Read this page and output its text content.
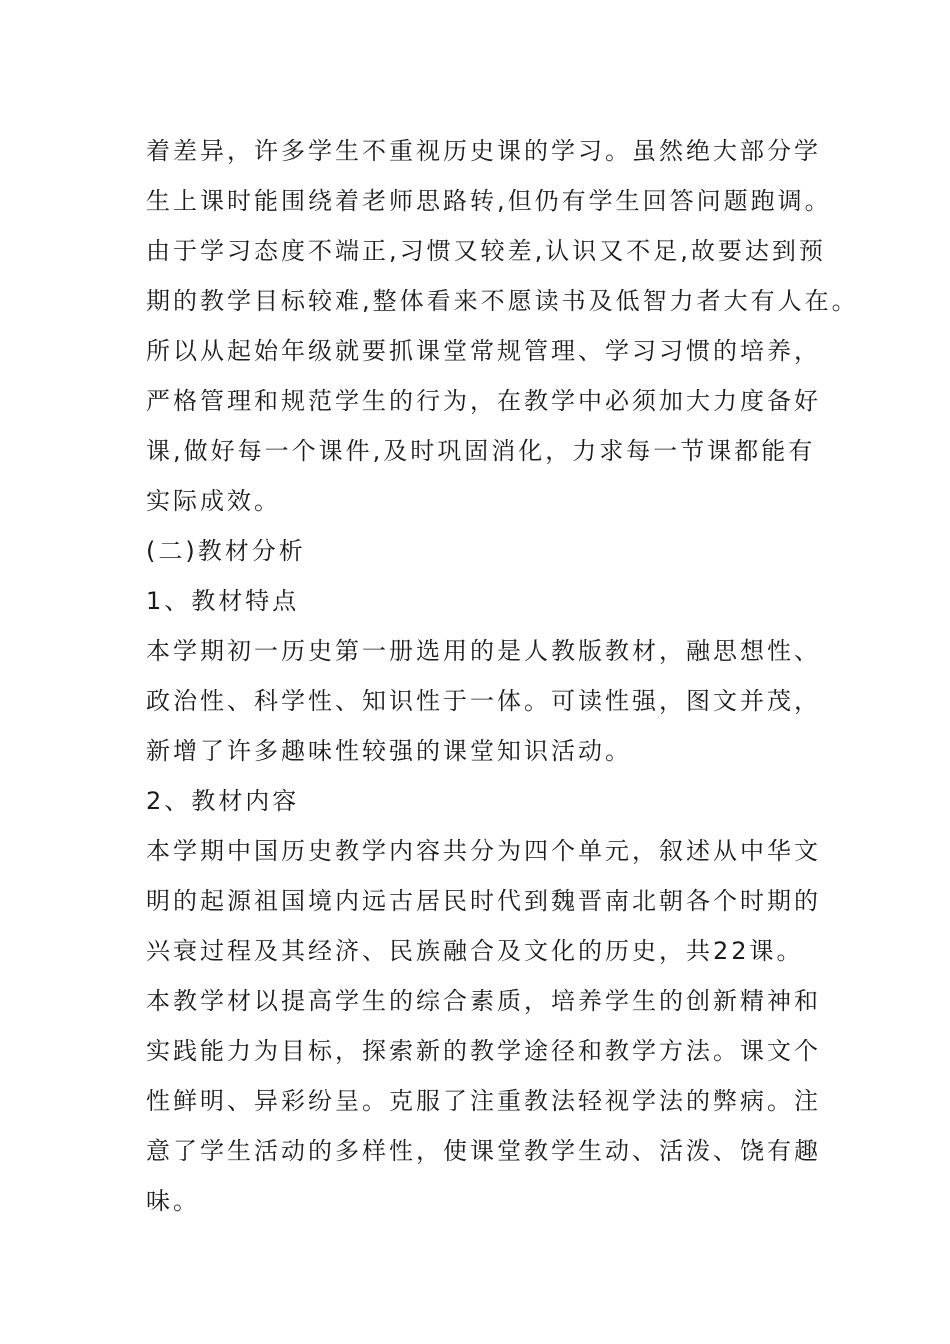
着差异，许多学生不重视历史课的学习。虽然绝大部分学
生上课时能围绕着老师思路转,但仍有学生回答问题跑调。
由于学习态度不端正,习惯又较差,认识又不足,故要达到预
期的教学目标较难,整体看来不愿读书及低智力者大有人在。
所以从起始年级就要抓课堂常规管理、学习习惯的培养，
严格管理和规范学生的行为，在教学中必须加大力度备好
课,做好每一个课件,及时巩固消化，力求每一节课都能有
实际成效。
(二)教材分析
1、教材特点
本学期初一历史第一册选用的是人教版教材，融思想性、
政治性、科学性、知识性于一体。可读性强，图文并茂，
新增了许多趣味性较强的课堂知识活动。
2、教材内容
本学期中国历史教学内容共分为四个单元，叙述从中华文
明的起源祖国境内远古居民时代到魏晋南北朝各个时期的
兴衰过程及其经济、民族融合及文化的历史，共22课。
本教学材以提高学生的综合素质，培养学生的创新精神和
实践能力为目标，探索新的教学途径和教学方法。课文个
性鲜明、异彩纷呈。克服了注重教法轻视学法的弊病。注
意了学生活动的多样性，使课堂教学生动、活泼、饶有趣
味。
